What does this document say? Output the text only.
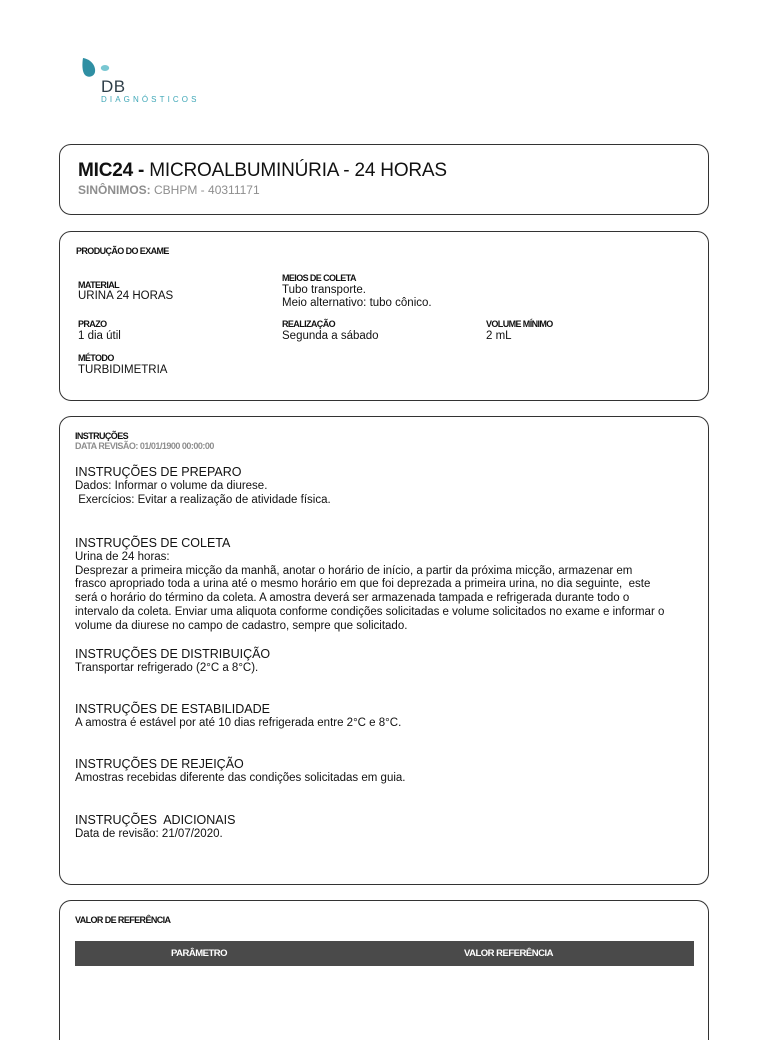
DB
DIAGNÓSTICOS
MIC24 - MICROALBUMINÚRIA - 24 HORAS
SINÔNIMOS: CBHPM - 40311171
PRODUÇÃO DO EXAME
MATERIAL
URINA 24 HORAS
MEIOS DE COLETA
Tubo transporte.
Meio alternativo: tubo cônico.
PRAZO
1 dia útil
REALIZAÇÃO
Segunda a sábado
VOLUME MÍNIMO
2 mL
MÉTODO
TURBIDIMETRIA
INSTRUÇÕES
DATA REVISÃO: 01/01/1900 00:00:00
INSTRUÇÕES DE PREPARO
Dados: Informar o volume da diurese.
Exercícios: Evitar a realização de atividade física.
INSTRUÇÕES DE COLETA
Urina de 24 horas:
Desprezar a primeira micção da manhã, anotar o horário de início, a partir da próxima micção, armazenar em
frasco apropriado toda a urina até o mesmo horário em que foi deprezada a primeira urina, no dia seguinte,  este
será o horário do término da coleta. A amostra deverá ser armazenada tampada e refrigerada durante todo o
intervalo da coleta. Enviar uma aliquota conforme condições solicitadas e volume solicitados no exame e informar o
volume da diurese no campo de cadastro, sempre que solicitado.
INSTRUÇÕES DE DISTRIBUIÇÃO
Transportar refrigerado (2°C a 8°C).
INSTRUÇÕES DE ESTABILIDADE
A amostra é estável por até 10 dias refrigerada entre 2°C e 8°C.
INSTRUÇÕES DE REJEIÇÃO
Amostras recebidas diferente das condições solicitadas em guia.
INSTRUÇÕES  ADICIONAIS
Data de revisão: 21/07/2020.
VALOR DE REFERÊNCIA
PARÂMETRO	VALOR REFERÊNCIA
